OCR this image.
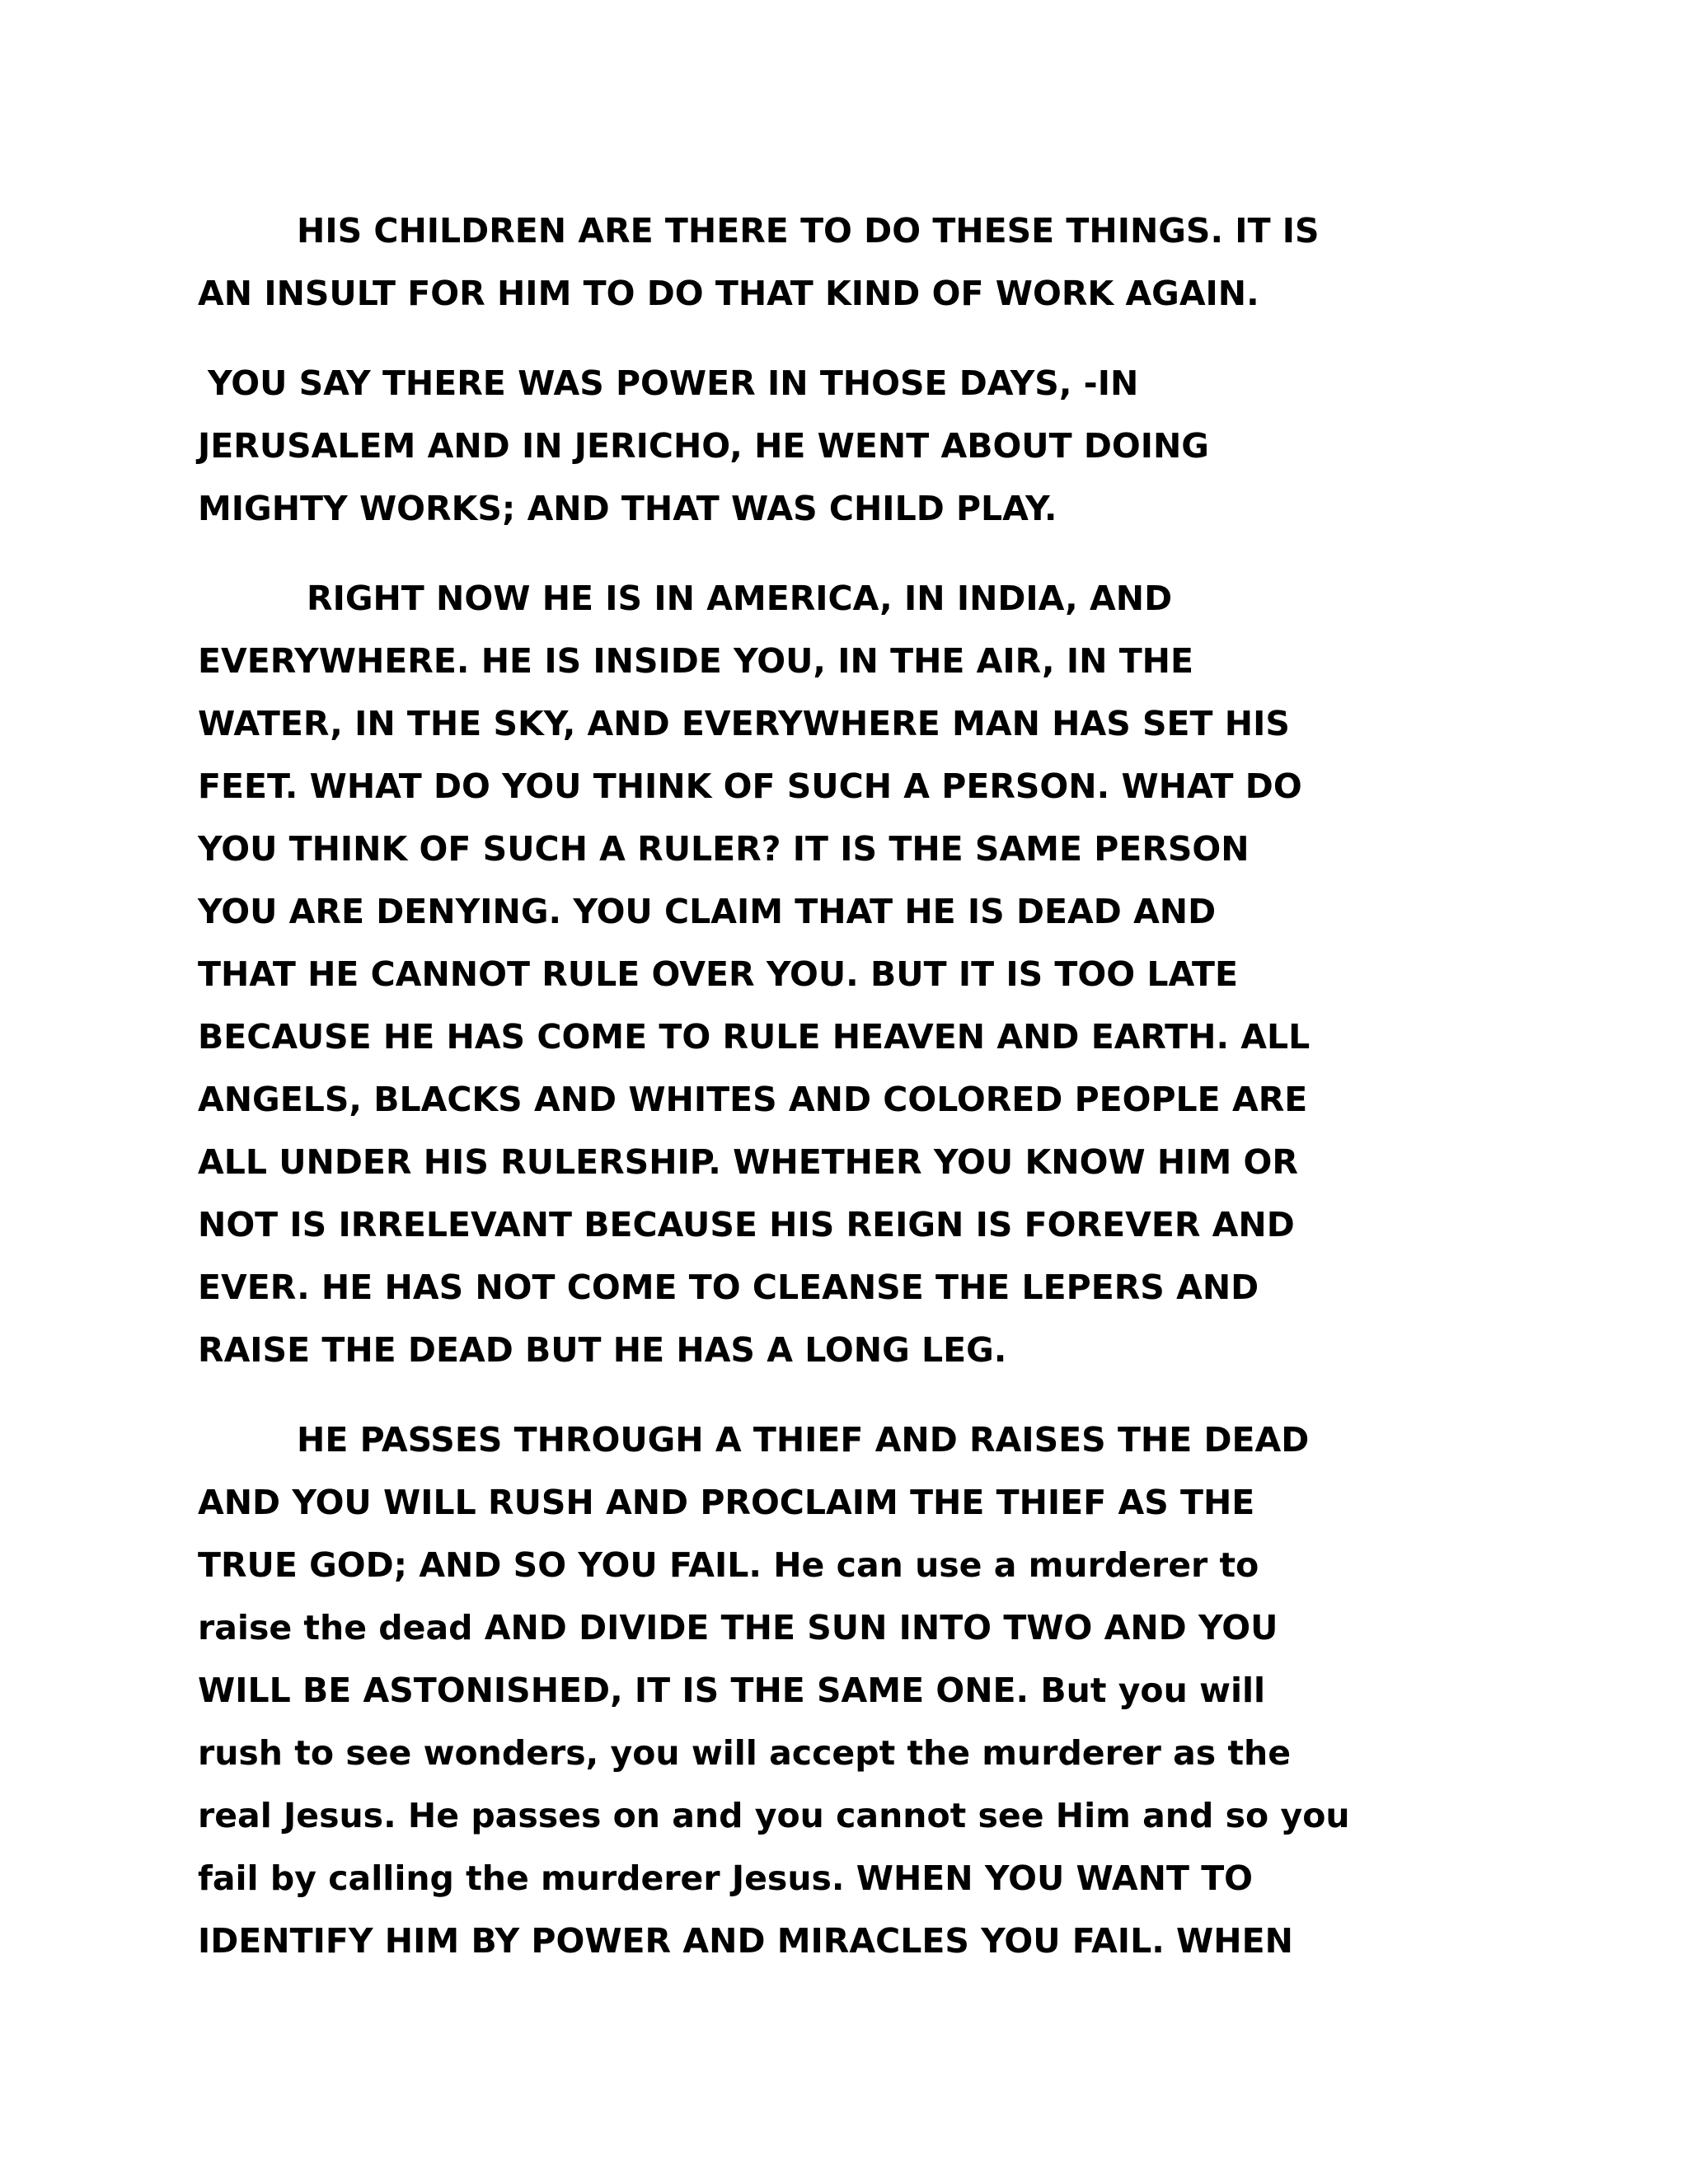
HIS CHILDREN ARE THERE TO DO THESE THINGS. IT IS
AN INSULT FOR HIM TO DO THAT KIND OF WORK AGAIN.

YOU SAY THERE WAS POWER IN THOSE DAYS, -IN
JERUSALEM AND IN JERICHO, HE WENT ABOUT DOING
MIGHTY WORKS; AND THAT WAS CHILD PLAY.

RIGHT NOW HE IS IN AMERICA, IN INDIA, AND
EVERYWHERE. HE IS INSIDE YOU, IN THE AIR, IN THE
WATER, IN THE SKY, AND EVERYWHERE MAN HAS SET HIS
FEET. WHAT DO YOU THINK OF SUCH A PERSON. WHAT DO
YOU THINK OF SUCH A RULER? IT IS THE SAME PERSON
YOU ARE DENYING. YOU CLAIM THAT HE IS DEAD AND
THAT HE CANNOT RULE OVER YOU. BUT IT IS TOO LATE
BECAUSE HE HAS COME TO RULE HEAVEN AND EARTH. ALL
ANGELS, BLACKS AND WHITES AND COLORED PEOPLE ARE
ALL UNDER HIS RULERSHIP. WHETHER YOU KNOW HIM OR
NOT IS IRRELEVANT BECAUSE HIS REIGN IS FOREVER AND
EVER. HE HAS NOT COME TO CLEANSE THE LEPERS AND
RAISE THE DEAD BUT HE HAS A LONG LEG.

HE PASSES THROUGH A THIEF AND RAISES THE DEAD
AND YOU WILL RUSH AND PROCLAIM THE THIEF AS THE
TRUE GOD; AND SO YOU FAIL. He can use a murderer to
raise the dead AND DIVIDE THE SUN INTO TWO AND YOU
WILL BE ASTONISHED, IT IS THE SAME ONE. But you will
rush to see wonders, you will accept the murderer as the
real Jesus. He passes on and you cannot see Him and so you
fail by calling the murderer Jesus. WHEN YOU WANT TO
IDENTIFY HIM BY POWER AND MIRACLES YOU FAIL. WHEN
